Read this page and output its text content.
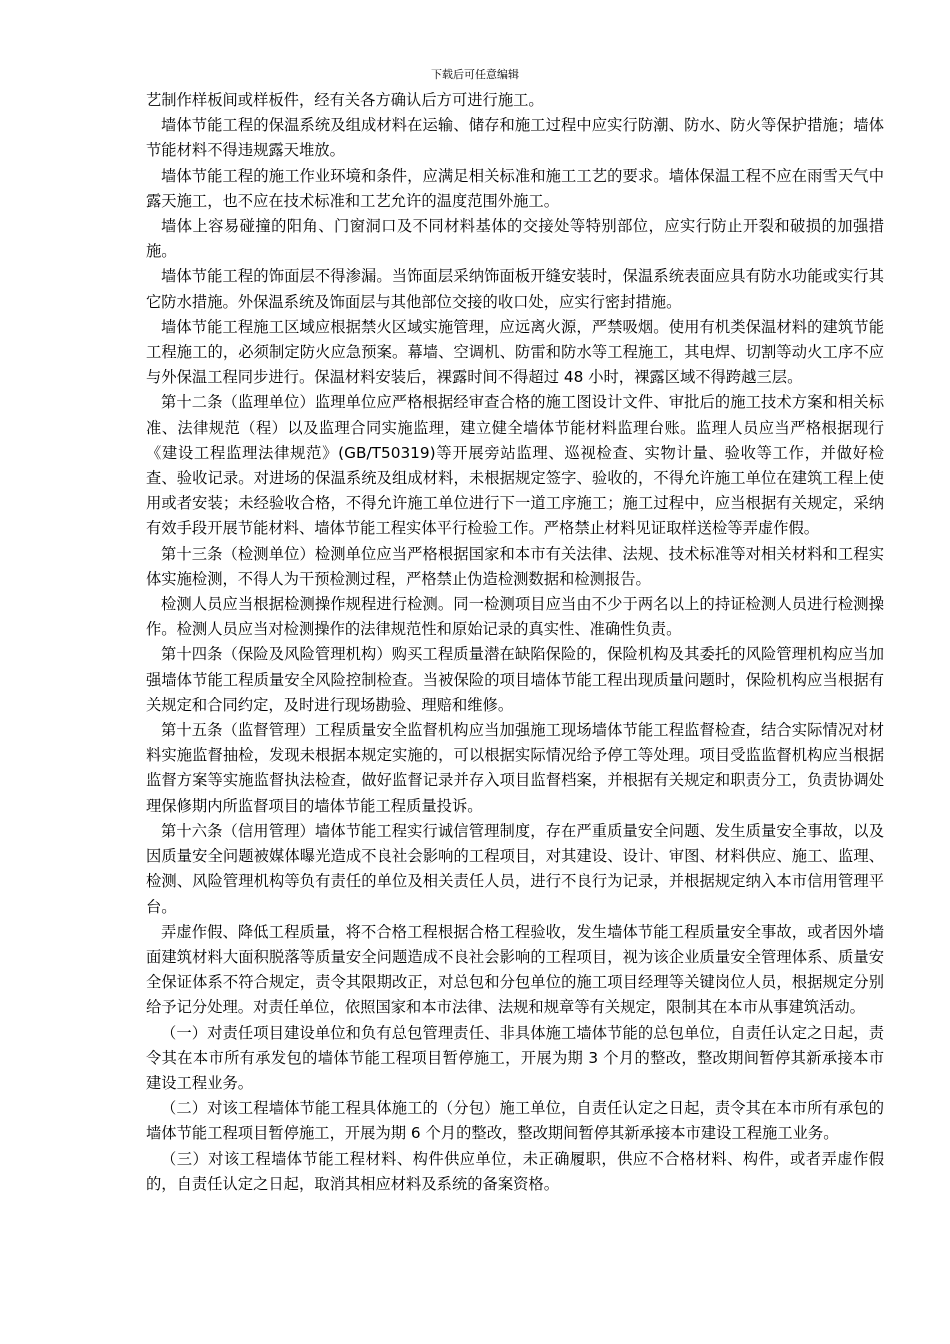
下载后可任意编辑

艺制作样板间或样板件，经有关各方确认后方可进行施工。

墙体节能工程的保温系统及组成材料在运输、储存和施工过程中应实行防潮、防水、防火等保护措施；墙体节能材料不得违规露天堆放。

墙体节能工程的施工作业环境和条件，应满足相关标准和施工工艺的要求。墙体保温工程不应在雨雪天气中露天施工，也不应在技术标准和工艺允许的温度范围外施工。

墙体上容易碰撞的阳角、门窗洞口及不同材料基体的交接处等特别部位，应实行防止开裂和破损的加强措施。

墙体节能工程的饰面层不得渗漏。当饰面层采纳饰面板开缝安装时，保温系统表面应具有防水功能或实行其它防水措施。外保温系统及饰面层与其他部位交接的收口处，应实行密封措施。

墙体节能工程施工区域应根据禁火区域实施管理，应远离火源，严禁吸烟。使用有机类保温材料的建筑节能工程施工的，必须制定防火应急预案。幕墙、空调机、防雷和防水等工程施工，其电焊、切割等动火工序不应与外保温工程同步进行。保温材料安装后，裸露时间不得超过 48 小时，裸露区域不得跨越三层。

第十二条（监理单位）监理单位应严格根据经审查合格的施工图设计文件、审批后的施工技术方案和相关标准、法律规范（程）以及监理合同实施监理，建立健全墙体节能材料监理台账。监理人员应当严格根据现行《建设工程监理法律规范》(GB/T50319)等开展旁站监理、巡视检查、实物计量、验收等工作，并做好检查、验收记录。对进场的保温系统及组成材料，未根据规定签字、验收的，不得允许施工单位在建筑工程上使用或者安装；未经验收合格，不得允许施工单位进行下一道工序施工；施工过程中，应当根据有关规定，采纳有效手段开展节能材料、墙体节能工程实体平行检验工作。严格禁止材料见证取样送检等弄虚作假。

第十三条（检测单位）检测单位应当严格根据国家和本市有关法律、法规、技术标准等对相关材料和工程实体实施检测，不得人为干预检测过程，严格禁止伪造检测数据和检测报告。

检测人员应当根据检测操作规程进行检测。同一检测项目应当由不少于两名以上的持证检测人员进行检测操作。检测人员应当对检测操作的法律规范性和原始记录的真实性、准确性负责。

第十四条（保险及风险管理机构）购买工程质量潜在缺陷保险的，保险机构及其委托的风险管理机构应当加强墙体节能工程质量安全风险控制检查。当被保险的项目墙体节能工程出现质量问题时，保险机构应当根据有关规定和合同约定，及时进行现场勘验、理赔和维修。

第十五条（监督管理）工程质量安全监督机构应当加强施工现场墙体节能工程监督检查，结合实际情况对材料实施监督抽检，发现未根据本规定实施的，可以根据实际情况给予停工等处理。项目受监监督机构应当根据监督方案等实施监督执法检查，做好监督记录并存入项目监督档案，并根据有关规定和职责分工，负责协调处理保修期内所监督项目的墙体节能工程质量投诉。

第十六条（信用管理）墙体节能工程实行诚信管理制度，存在严重质量安全问题、发生质量安全事故，以及因质量安全问题被媒体曝光造成不良社会影响的工程项目，对其建设、设计、审图、材料供应、施工、监理、检测、风险管理机构等负有责任的单位及相关责任人员，进行不良行为记录，并根据规定纳入本市信用管理平台。

弄虚作假、降低工程质量，将不合格工程根据合格工程验收，发生墙体节能工程质量安全事故，或者因外墙面建筑材料大面积脱落等质量安全问题造成不良社会影响的工程项目，视为该企业质量安全管理体系、质量安全保证体系不符合规定，责令其限期改正，对总包和分包单位的施工项目经理等关键岗位人员，根据规定分别给予记分处理。对责任单位，依照国家和本市法律、法规和规章等有关规定，限制其在本市从事建筑活动。

（一）对责任项目建设单位和负有总包管理责任、非具体施工墙体节能的总包单位，自责任认定之日起，责令其在本市所有承发包的墙体节能工程项目暂停施工，开展为期 3 个月的整改，整改期间暂停其新承接本市建设工程业务。

（二）对该工程墙体节能工程具体施工的（分包）施工单位，自责任认定之日起，责令其在本市所有承包的墙体节能工程项目暂停施工，开展为期 6 个月的整改，整改期间暂停其新承接本市建设工程施工业务。

（三）对该工程墙体节能工程材料、构件供应单位，未正确履职，供应不合格材料、构件，或者弄虚作假的，自责任认定之日起，取消其相应材料及系统的备案资格。
